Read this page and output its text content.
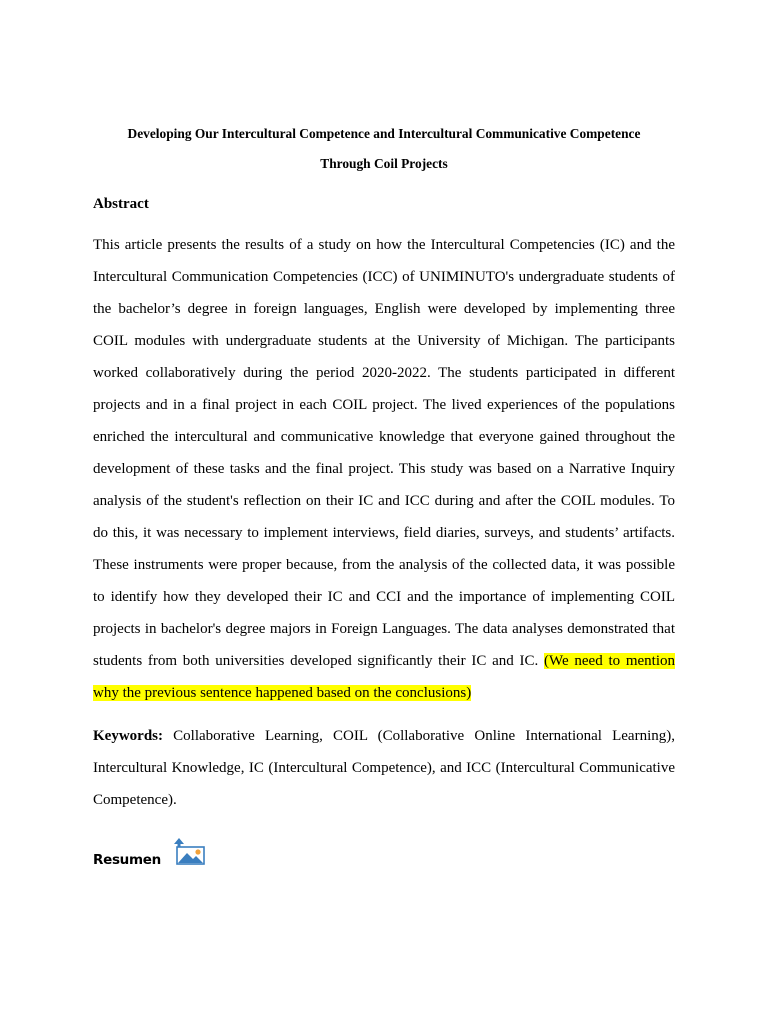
Developing Our Intercultural Competence and Intercultural Communicative Competence
Through Coil Projects
Abstract
This article presents the results of a study on how the Intercultural Competencies (IC) and the Intercultural Communication Competencies (ICC) of UNIMINUTO's undergraduate students of the bachelor’s degree in foreign languages, English were developed by implementing three COIL modules with undergraduate students at the University of Michigan. The participants worked collaboratively during the period 2020-2022. The students participated in different projects and in a final project in each COIL project. The lived experiences of the populations enriched the intercultural and communicative knowledge that everyone gained throughout the development of these tasks and the final project. This study was based on a Narrative Inquiry analysis of the student's reflection on their IC and ICC during and after the COIL modules. To do this, it was necessary to implement interviews, field diaries, surveys, and students’ artifacts. These instruments were proper because, from the analysis of the collected data, it was possible to identify how they developed their IC and CCI and the importance of implementing COIL projects in bachelor's degree majors in Foreign Languages. The data analyses demonstrated that students from both universities developed significantly their IC and IC. (We need to mention why the previous sentence happened based on the conclusions)
Keywords: Collaborative Learning, COIL (Collaborative Online International Learning), Intercultural Knowledge, IC (Intercultural Competence), and ICC (Intercultural Communicative Competence).
Resumen
